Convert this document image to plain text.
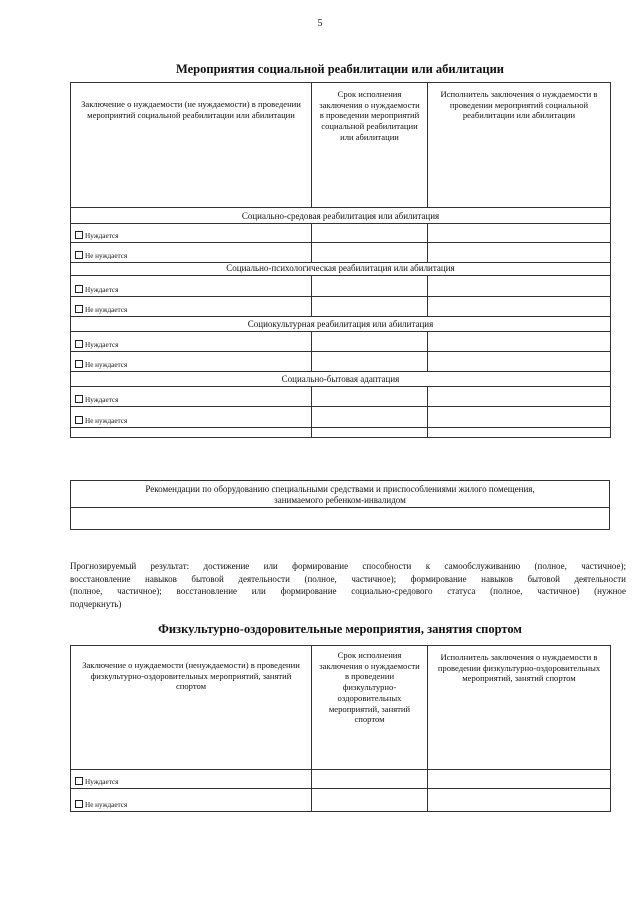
5
Мероприятия социальной реабилитации или абилитации
Заключение о нуждаемости (не нуждаемости) в проведении мероприятий социальной реабилитации или абилитации	Срок исполнения заключения о нуждаемости в проведении мероприятий социальной реабилитации или абилитации	Исполнитель заключения о нуждаемости в проведении мероприятий социальной реабилитации или абилитации
Социально-средовая реабилитация или абилитация		
Нуждается		
Не нуждается		
Социально-психологическая реабилитация или абилитация		
Нуждается		
Не нуждается		
Социокультурная реабилитация или абилитация		
Нуждается		
Не нуждается		
Социально-бытовая адаптация		
Нуждается		
Не нуждается		

Рекомендации по оборудованию специальными средствами и приспособлениями жилого помещения,
занимаемого ребенком-инвалидом
Прогнозируемый результат: достижение или формирование способности к самообслуживанию (полное, частичное);
восстановление навыков бытовой деятельности (полное, частичное); формирование навыков бытовой деятельности
(полное, частичное); восстановление или формирование социально-средового статуса (полное, частичное) (нужное
подчеркнуть)
Физкультурно-оздоровительные мероприятия, занятия спортом
Заключение о нуждаемости (ненуждаемости) в проведении физкультурно-оздоровительных мероприятий, занятий спортом	Срок исполнения заключения о нуждаемости в проведении физкультурно-оздоровительных мероприятий, занятий спортом	Исполнитель заключения о нуждаемости в проведении физкультурно-оздоровительных мероприятий, занятий спортом
Нуждается		
Не нуждается		
